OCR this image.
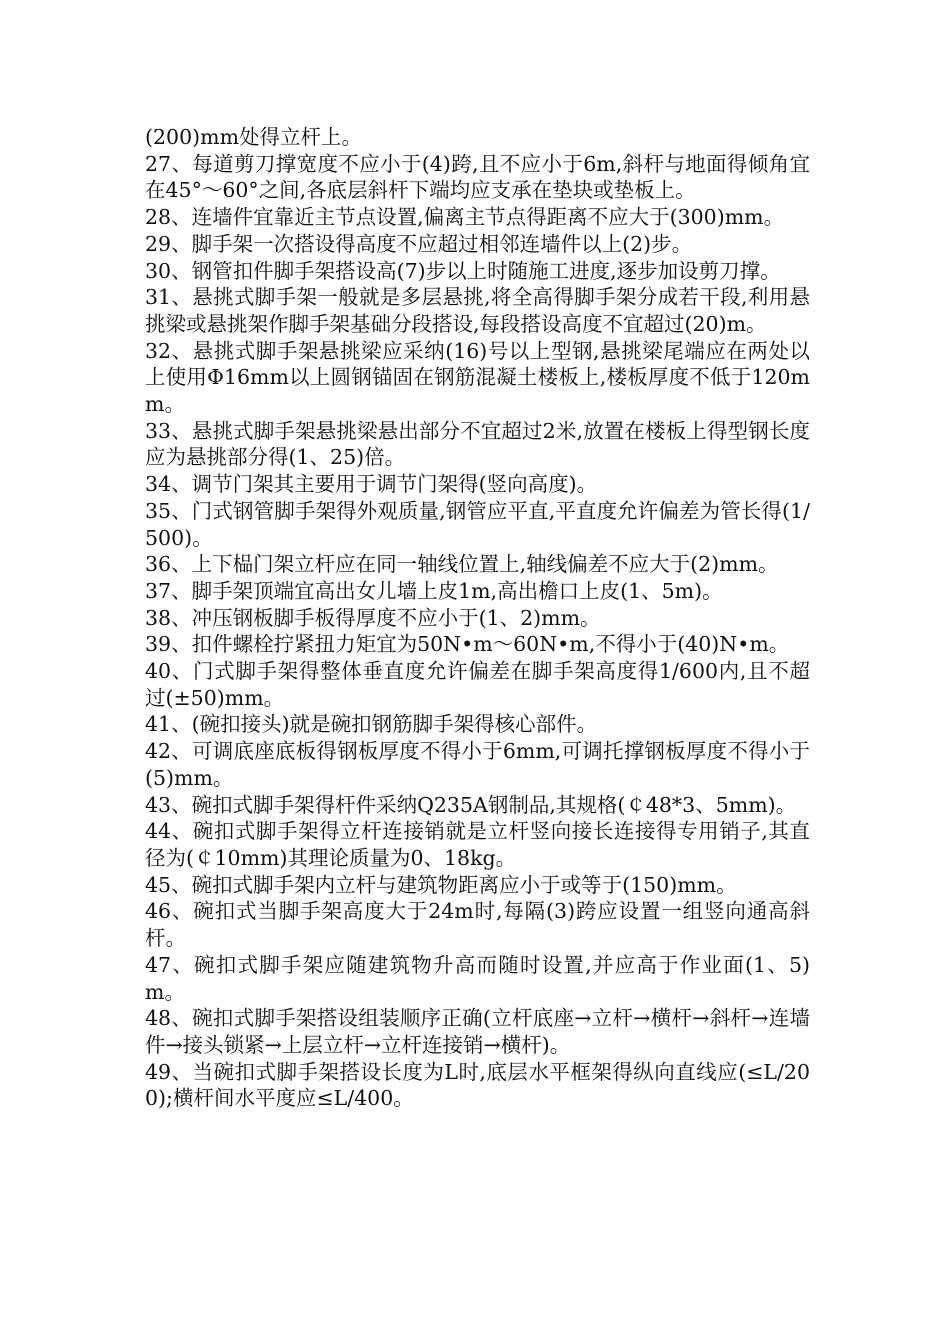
(200)mm处得立杆上。

27、每道剪刀撑宽度不应小于(4)跨,且不应小于6m,斜杆与地面得倾角宜在45°～60°之间,各底层斜杆下端均应支承在垫块或垫板上。

28、连墙件宜靠近主节点设置,偏离主节点得距离不应大于(300)mm。

29、脚手架一次搭设得高度不应超过相邻连墙件以上(2)步。

30、钢管扣件脚手架搭设高(7)步以上时随施工进度,逐步加设剪刀撑。

31、悬挑式脚手架一般就是多层悬挑,将全高得脚手架分成若干段,利用悬挑梁或悬挑架作脚手架基础分段搭设,每段搭设高度不宜超过(20)m。

32、悬挑式脚手架悬挑梁应采纳(16)号以上型钢,悬挑梁尾端应在两处以上使用Φ16mm以上圆钢锚固在钢筋混凝土楼板上,楼板厚度不低于120mm。

33、悬挑式脚手架悬挑梁悬出部分不宜超过2米,放置在楼板上得型钢长度应为悬挑部分得(1、25)倍。

34、调节门架其主要用于调节门架得(竖向高度)。

35、门式钢管脚手架得外观质量,钢管应平直,平直度允许偏差为管长得(1/500)。

36、上下榀门架立杆应在同一轴线位置上,轴线偏差不应大于(2)mm。

37、脚手架顶端宜高出女儿墙上皮1m,高出檐口上皮(1、5m)。

38、冲压钢板脚手板得厚度不应小于(1、2)mm。

39、扣件螺栓拧紧扭力矩宜为50N•m～60N•m,不得小于(40)N•m。

40、门式脚手架得整体垂直度允许偏差在脚手架高度得1/600内,且不超过(±50)mm。

41、(碗扣接头)就是碗扣钢筋脚手架得核心部件。

42、可调底座底板得钢板厚度不得小于6mm,可调托撑钢板厚度不得小于(5)mm。

43、碗扣式脚手架得杆件采纳Q235A钢制品,其规格(￠48*3、5mm)。

44、碗扣式脚手架得立杆连接销就是立杆竖向接长连接得专用销子,其直径为(￠10mm)其理论质量为0、18kg。

45、碗扣式脚手架内立杆与建筑物距离应小于或等于(150)mm。

46、碗扣式当脚手架高度大于24m时,每隔(3)跨应设置一组竖向通高斜杆。

47、碗扣式脚手架应随建筑物升高而随时设置,并应高于作业面(1、5)m。

48、碗扣式脚手架搭设组装顺序正确(立杆底座→立杆→横杆→斜杆→连墙件→接头锁紧→上层立杆→立杆连接销→横杆)。

49、当碗扣式脚手架搭设长度为L时,底层水平框架得纵向直线应(≤L/200);横杆间水平度应≤L/400。
